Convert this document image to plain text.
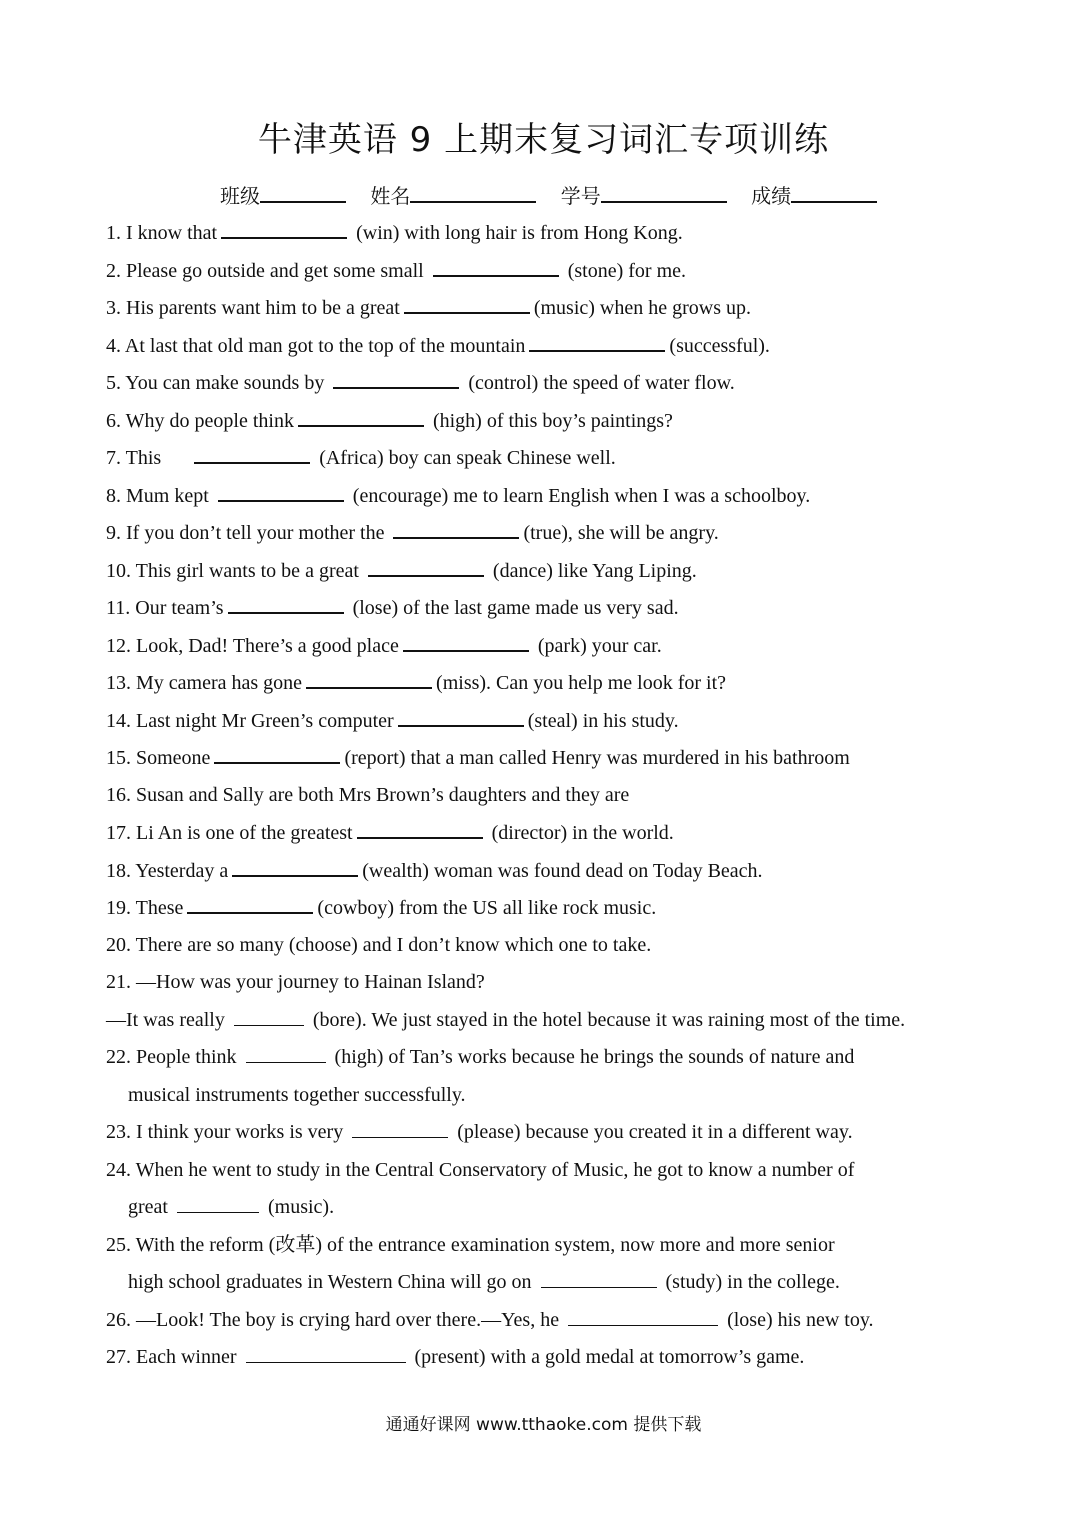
牛津英语 9 上期末复习词汇专项训练
班级	姓名	学号	成绩
1. I know that	(win) with long hair is from Hong Kong.
2. Please go outside and get some small	(stone) for me.
3. His parents want him to be a great	(music) when he grows up.
4. At last that old man got to the top of the mountain	(successful).
5. You can make sounds by	(control) the speed of water flow.
6. Why do people think	(high) of this boy’s paintings?
7. This	(Africa) boy can speak Chinese well.
8. Mum kept	(encourage) me to learn English when I was a schoolboy.
9. If you don’t tell your mother the	(true), she will be angry.
10. This girl wants to be a great	(dance) like Yang Liping.
11. Our team’s	(lose) of the last game made us very sad.
12. Look, Dad! There’s a good place	(park) your car.
13. My camera has gone	(miss). Can you help me look for it?
14. Last night Mr Green’s computer	(steal) in his study.
15. Someone	(report) that a man called Henry was murdered in his bathroom
16. Susan and Sally are both Mrs Brown’s daughters and they are
17. Li An is one of the greatest	(director) in the world.
18. Yesterday a	(wealth) woman was found dead on Today Beach.
19. These	(cowboy) from the US all like rock music.
20. There are so many (choose) and I don’t know which one to take.
21. —How was your journey to Hainan Island?
—It was really	(bore). We just stayed in the hotel because it was raining most of the time.
22. People think	(high) of Tan’s works because he brings the sounds of nature and
musical instruments together successfully.
23. I think your works is very	(please) because you created it in a different way.
24. When he went to study in the Central Conservatory of Music, he got to know a number of
great	(music).
25. With the reform (改革) of the entrance examination system, now more and more senior
high school graduates in Western China will go on	(study) in the college.
26. —Look! The boy is crying hard over there.—Yes, he	(lose) his new toy.
27. Each winner	(present) with a gold medal at tomorrow’s game.
通通好课网 www.tthaoke.com 提供下载
